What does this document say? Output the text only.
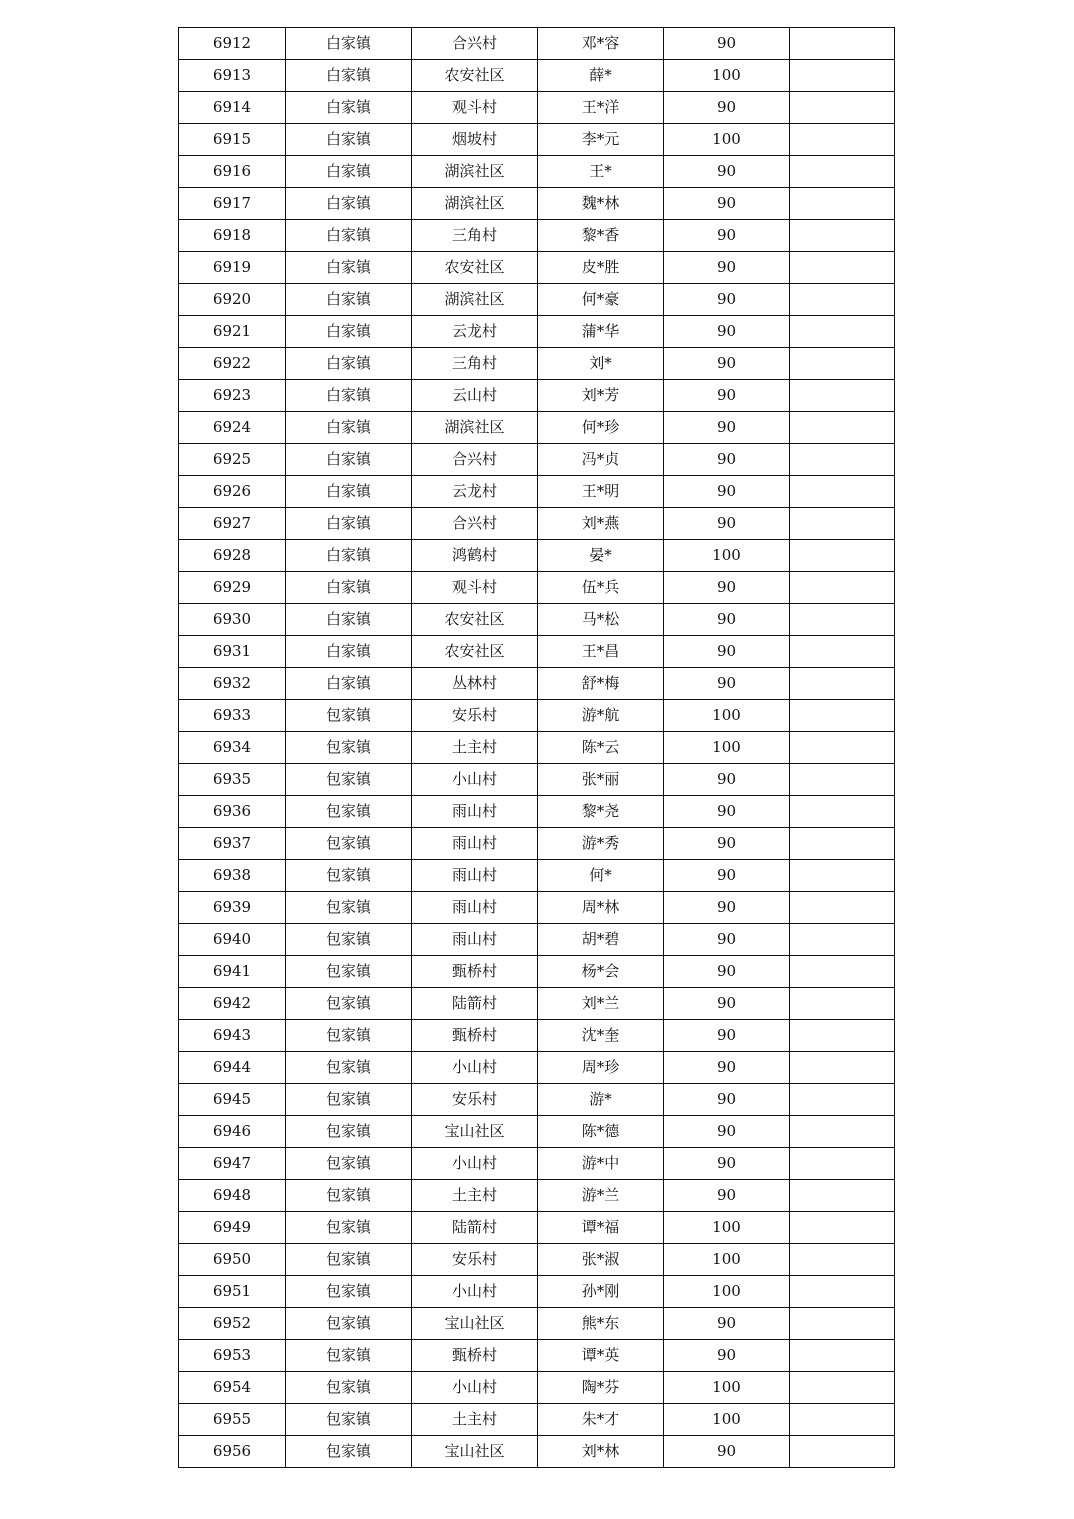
6912	白家镇	合兴村	邓*容	90	
6913	白家镇	农安社区	薛*	100	
6914	白家镇	观斗村	王*洋	90	
6915	白家镇	烟坡村	李*元	100	
6916	白家镇	湖滨社区	王*	90	
6917	白家镇	湖滨社区	魏*林	90	
6918	白家镇	三角村	黎*香	90	
6919	白家镇	农安社区	皮*胜	90	
6920	白家镇	湖滨社区	何*豪	90	
6921	白家镇	云龙村	蒲*华	90	
6922	白家镇	三角村	刘*	90	
6923	白家镇	云山村	刘*芳	90	
6924	白家镇	湖滨社区	何*珍	90	
6925	白家镇	合兴村	冯*贞	90	
6926	白家镇	云龙村	王*明	90	
6927	白家镇	合兴村	刘*燕	90	
6928	白家镇	鸿鹤村	晏*	100	
6929	白家镇	观斗村	伍*兵	90	
6930	白家镇	农安社区	马*松	90	
6931	白家镇	农安社区	王*昌	90	
6932	白家镇	丛林村	舒*梅	90	
6933	包家镇	安乐村	游*航	100	
6934	包家镇	土主村	陈*云	100	
6935	包家镇	小山村	张*丽	90	
6936	包家镇	雨山村	黎*尧	90	
6937	包家镇	雨山村	游*秀	90	
6938	包家镇	雨山村	何*	90	
6939	包家镇	雨山村	周*林	90	
6940	包家镇	雨山村	胡*碧	90	
6941	包家镇	甄桥村	杨*会	90	
6942	包家镇	陆箭村	刘*兰	90	
6943	包家镇	甄桥村	沈*奎	90	
6944	包家镇	小山村	周*珍	90	
6945	包家镇	安乐村	游*	90	
6946	包家镇	宝山社区	陈*德	90	
6947	包家镇	小山村	游*中	90	
6948	包家镇	土主村	游*兰	90	
6949	包家镇	陆箭村	谭*福	100	
6950	包家镇	安乐村	张*淑	100	
6951	包家镇	小山村	孙*刚	100	
6952	包家镇	宝山社区	熊*东	90	
6953	包家镇	甄桥村	谭*英	90	
6954	包家镇	小山村	陶*芬	100	
6955	包家镇	土主村	朱*才	100	
6956	包家镇	宝山社区	刘*林	90	
